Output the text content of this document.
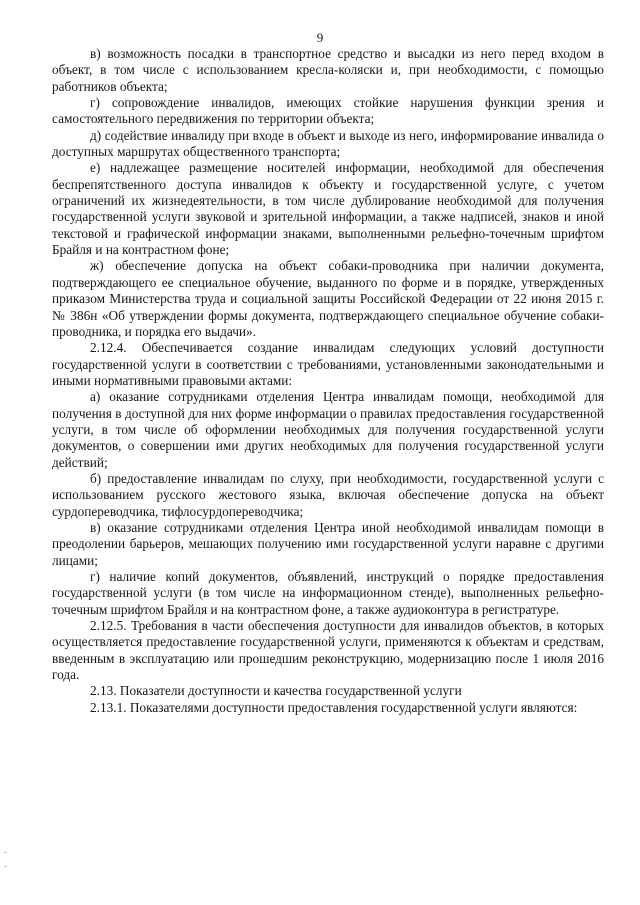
9

в) возможность посадки в транспортное средство и высадки из него перед входом в объект, в том числе с использованием кресла-коляски и, при необходимости, с помощью работников объекта;

г) сопровождение инвалидов, имеющих стойкие нарушения функции зрения и самостоятельного передвижения по территории объекта;

д) содействие инвалиду при входе в объект и выходе из него, информирование инвалида о доступных маршрутах общественного транспорта;

е) надлежащее размещение носителей информации, необходимой для обеспечения беспрепятственного доступа инвалидов к объекту и государственной услуге, с учетом ограничений их жизнедеятельности, в том числе дублирование необходимой для получения государственной услуги звуковой и зрительной информации, а также надписей, знаков и иной текстовой и графической информации знаками, выполненными рельефно-точечным шрифтом Брайля и на контрастном фоне;

ж) обеспечение допуска на объект собаки-проводника при наличии документа, подтверждающего ее специальное обучение, выданного по форме и в порядке, утвержденных приказом Министерства труда и социальной защиты Российской Федерации от 22 июня 2015 г. № 386н «Об утверждении формы документа, подтверждающего специальное обучение собаки-проводника, и порядка его выдачи».

2.12.4. Обеспечивается создание инвалидам следующих условий доступности государственной услуги в соответствии с требованиями, установленными законодательными и иными нормативными правовыми актами:

а) оказание сотрудниками отделения Центра инвалидам помощи, необходимой для получения в доступной для них форме информации о правилах предоставления государственной услуги, в том числе об оформлении необходимых для получения государственной услуги документов, о совершении ими других необходимых для получения государственной услуги действий;

б) предоставление инвалидам по слуху, при необходимости, государственной услуги с использованием русского жестового языка, включая обеспечение допуска на объект сурдопереводчика, тифлосурдопереводчика;

в) оказание сотрудниками отделения Центра иной необходимой инвалидам помощи в преодолении барьеров, мешающих получению ими государственной услуги наравне с другими лицами;

г) наличие копий документов, объявлений, инструкций о порядке предоставления государственной услуги (в том числе на информационном стенде), выполненных рельефно-точечным шрифтом Брайля и на контрастном фоне, а также аудиоконтура в регистратуре.

2.12.5. Требования в части обеспечения доступности для инвалидов объектов, в которых осуществляется предоставление государственной услуги, применяются к объектам и средствам, введенным в эксплуатацию или прошедшим реконструкцию, модернизацию после 1 июля 2016 года.

2.13. Показатели доступности и качества государственной услуги

2.13.1. Показателями доступности предоставления государственной услуги являются:
